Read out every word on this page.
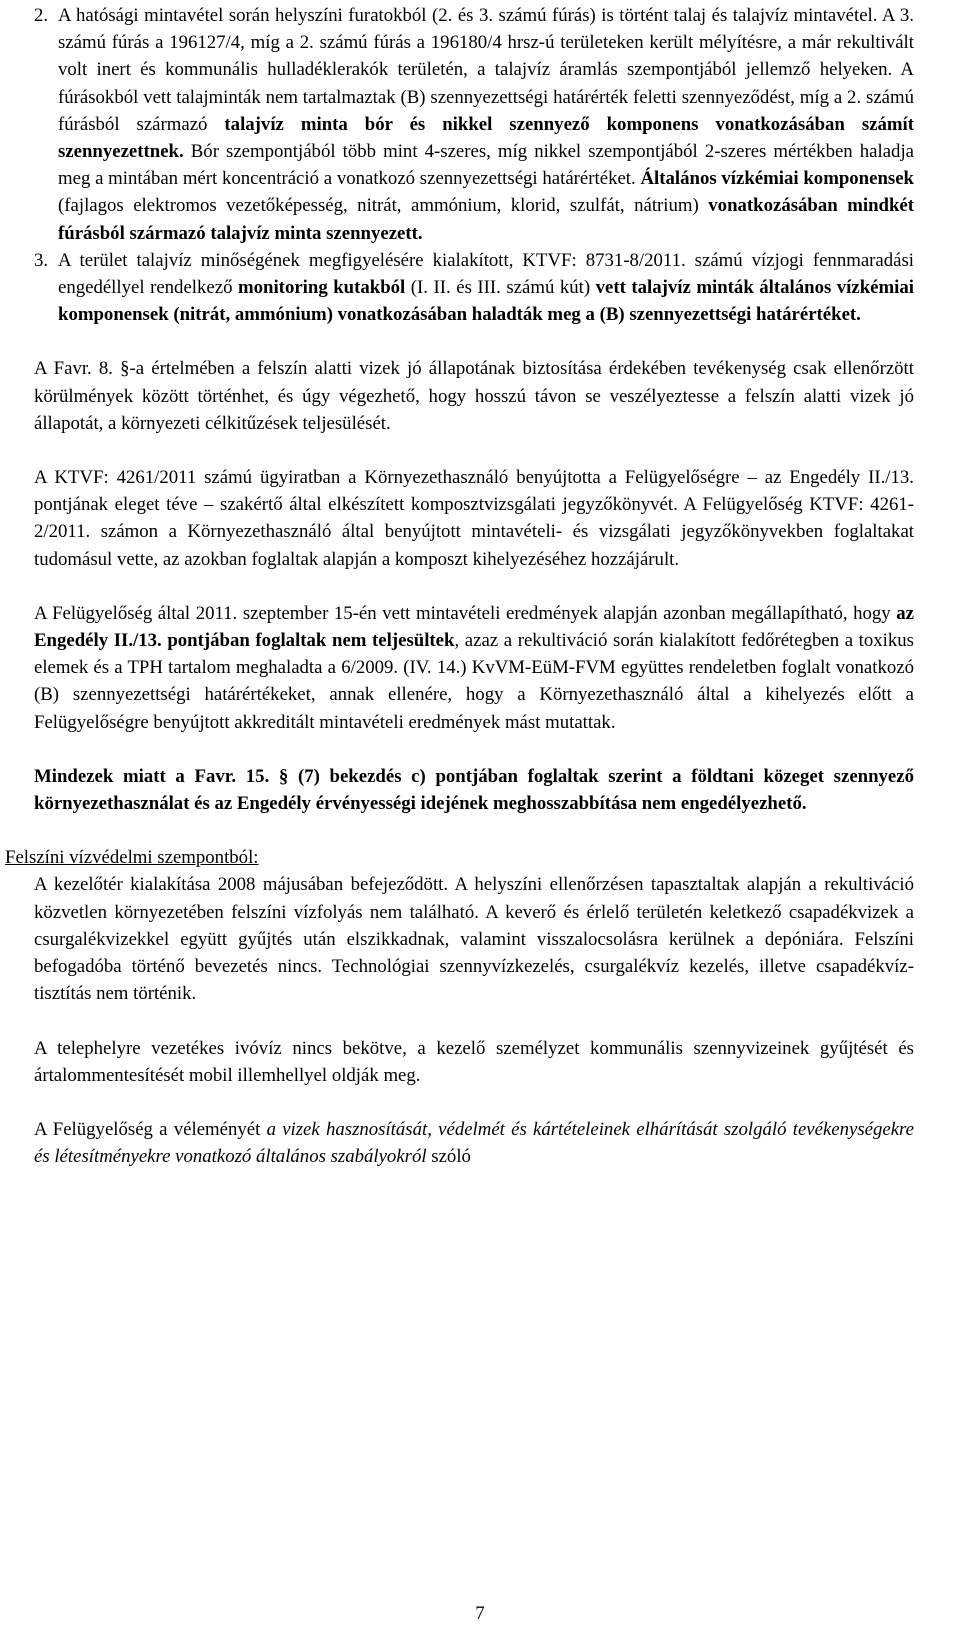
2. A hatósági mintavétel során helyszíni furatokból (2. és 3. számú fúrás) is történt talaj és talajvíz mintavétel. A 3. számú fúrás a 196127/4, míg a 2. számú fúrás a 196180/4 hrsz-ú területeken került mélyítésre, a már rekultivált volt inert és kommunális hulladéklerakók területén, a talajvíz áramlás szempontjából jellemző helyeken. A fúrásokból vett talajminták nem tartalmaztak (B) szennyezettségi határérték feletti szennyeződést, míg a 2. számú fúrásból származó talajvíz minta bór és nikkel szennyező komponens vonatkozásában számít szennyezettnek. Bór szempontjából több mint 4-szeres, míg nikkel szempontjából 2-szeres mértékben haladja meg a mintában mért koncentráció a vonatkozó szennyezettségi határértéket. Általános vízkémiai komponensek (fajlagos elektromos vezetőképesség, nitrát, ammónium, klorid, szulfát, nátrium) vonatkozásában mindkét fúrásból származó talajvíz minta szennyezett.

3. A terület talajvíz minőségének megfigyelésére kialakított, KTVF: 8731-8/2011. számú vízjogi fennmaradási engedéllyel rendelkező monitoring kutakból (I. II. és III. számú kút) vett talajvíz minták általános vízkémiai komponensek (nitrát, ammónium) vonatkozásában haladták meg a (B) szennyezettségi határértéket.

A Favr. 8. §-a értelmében a felszín alatti vizek jó állapotának biztosítása érdekében tevékenység csak ellenőrzött körülmények között történhet, és úgy végezhető, hogy hosszú távon se veszélyeztesse a felszín alatti vizek jó állapotát, a környezeti célkitűzések teljesülését.

A KTVF: 4261/2011 számú ügyiratban a Környezethasználó benyújtotta a Felügyelőségre – az Engedély II./13. pontjának eleget téve – szakértő által elkészített komposztvizsgálati jegyzőkönyvét. A Felügyelőség KTVF: 4261-2/2011. számon a Környezethasználó által benyújtott mintavételi- és vizsgálati jegyzőkönyvekben foglaltakat tudomásul vette, az azokban foglaltak alapján a komposzt kihelyezéséhez hozzájárult.

A Felügyelőség által 2011. szeptember 15-én vett mintavételi eredmények alapján azonban megállapítható, hogy az Engedély II./13. pontjában foglaltak nem teljesültek, azaz a rekultiváció során kialakított fedőrétegben a toxikus elemek és a TPH tartalom meghaladta a 6/2009. (IV. 14.) KvVM-EüM-FVM együttes rendeletben foglalt vonatkozó (B) szennyezettségi határértékeket, annak ellenére, hogy a Környezethasználó által a kihelyezés előtt a Felügyelőségre benyújtott akkreditált mintavételi eredmények mást mutattak.

Mindezek miatt a Favr. 15. § (7) bekezdés c) pontjában foglaltak szerint a földtani közeget szennyező környezethasználat és az Engedély érvényességi idejének meghosszabbítása nem engedélyezhető.

Felszíni vízvédelmi szempontból:

A kezelőtér kialakítása 2008 májusában befejeződött. A helyszíni ellenőrzésen tapasztaltak alapján a rekultiváció közvetlen környezetében felszíni vízfolyás nem található. A keverő és érlelő területén keletkező csapadékvizek a csurgalékvizekkel együtt gyűjtés után elszikkadnak, valamint visszalocsolásra kerülnek a depóniára. Felszíni befogadóba történő bevezetés nincs. Technológiai szennyvízkezelés, csurgalékvíz kezelés, illetve csapadékvíz-tisztítás nem történik.

A telephelyre vezetékes ivóvíz nincs bekötve, a kezelő személyzet kommunális szennyvizeinek gyűjtését és ártalommentesítését mobil illemhellyel oldják meg.

A Felügyelőség a véleményét a vizek hasznosítását, védelmét és kártételeinek elhárítását szolgáló tevékenységekre és létesítményekre vonatkozó általános szabályokról szóló

7
